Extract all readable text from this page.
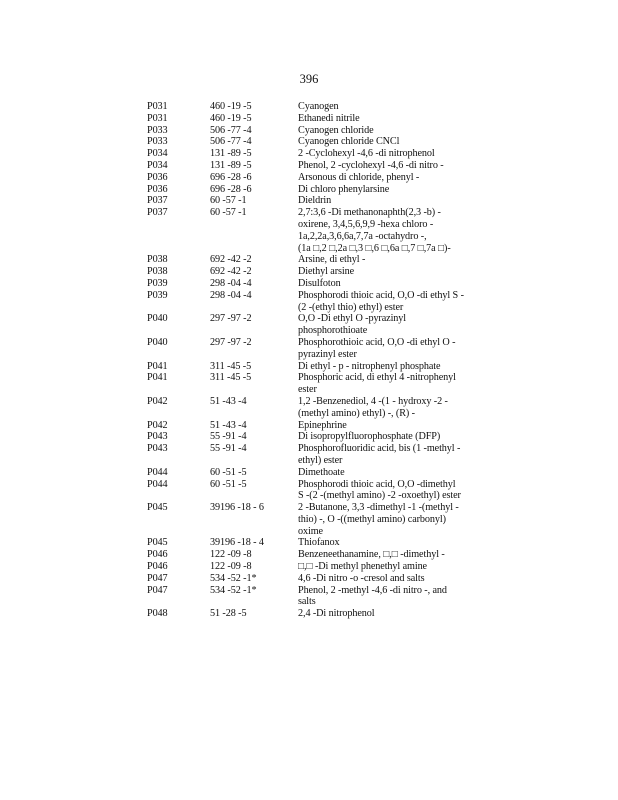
396
P031	460 -19 -5	Cyanogen
P031	460 -19 -5	Ethanedi nitrile
P033	506 -77 -4	Cyanogen chloride
P033	506 -77 -4	Cyanogen chloride CNCl
P034	131 -89 -5	2 -Cyclohexyl -4,6 -di nitrophenol
P034	131 -89 -5	Phenol, 2 -cyclohexyl -4,6 -di nitro -
P036	696 -28 -6	Arsonous di chloride, phenyl -
P036	696 -28 -6	Di chloro phenylarsine
P037	60 -57 -1	Dieldrin
P037	60 -57 -1	2,7:3,6 -Di methanonaphth(2,3 -b) -
oxirene, 3,4,5,6,9,9 -hexa chloro -
1a,2,2a,3,6,6a,7,7a -octahydro -,
(1a □,2 □,2a □,3 □,6 □,6a □,7 □,7a □)-
P038	692 -42 -2	Arsine, di ethyl -
P038	692 -42 -2	Diethyl arsine
P039	298 -04 -4	Disulfoton
P039	298 -04 -4	Phosphorodi thioic acid, O,O -di ethyl S -
(2 -(ethyl thio) ethyl) ester
P040	297 -97 -2	O,O -Di ethyl O -pyrazinyl
phosphorothioate
P040	297 -97 -2	Phosphorothioic acid, O,O -di ethyl O -
pyrazinyl ester
P041	311 -45 -5	Di ethyl - p - nitrophenyl phosphate
P041	311 -45 -5	Phosphoric acid, di ethyl 4 -nitrophenyl
ester
P042	51 -43 -4	1,2 -Benzenediol, 4 -(1 - hydroxy -2 -
(methyl amino) ethyl) -, (R) -
P042	51 -43 -4	Epinephrine
P043	55 -91 -4	Di isopropylfluorophosphate (DFP)
P043	55 -91 -4	Phosphorofluoridic acid, bis (1 -methyl -
ethyl) ester
P044	60 -51 -5	Dimethoate
P044	60 -51 -5	Phosphorodi thioic acid, O,O -dimethyl
S -(2 -(methyl amino) -2 -oxoethyl) ester
P045	39196 -18 - 6	2 -Butanone, 3,3 -dimethyl -1 -(methyl -
thio) -, O -((methyl amino) carbonyl)
oxime
P045	39196 -18 - 4	Thiofanox
P046	122 -09 -8	Benzeneethanamine, □,□ -dimethyl -
P046	122 -09 -8	□,□ -Di methyl phenethyl amine
P047	534 -52 -1*	4,6 -Di nitro -o -cresol and salts
P047	534 -52 -1*	Phenol, 2 -methyl -4,6 -di nitro -, and
salts
P048	51 -28 -5	2,4 -Di nitrophenol
